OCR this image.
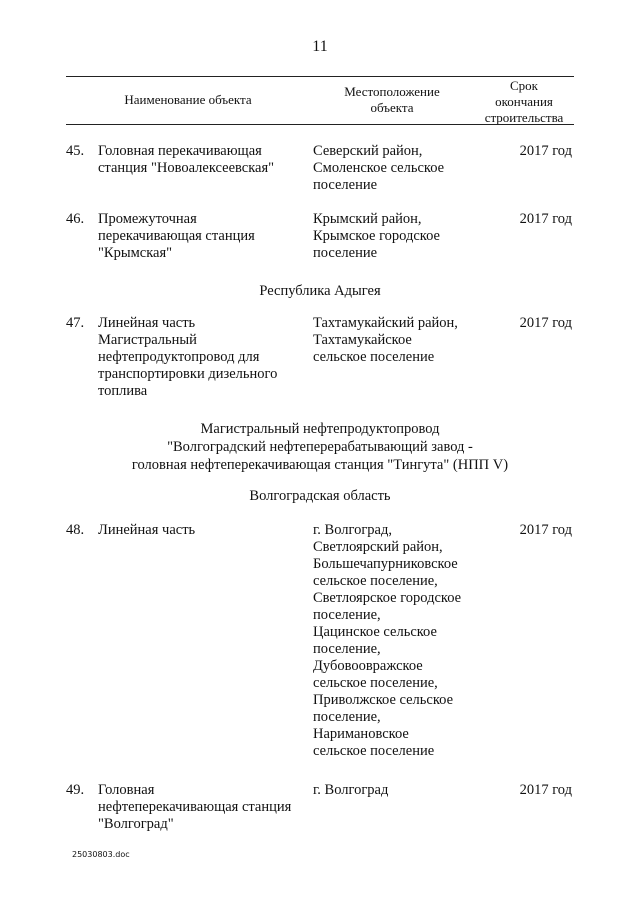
11
Наименование объекта
Местоположение
объекта
Срок
окончания
строительства
45. Головная перекачивающая
станция "Новоалексеевская"
Северский район,
Смоленское сельское
поселение
2017 год
46. Промежуточная
перекачивающая станция
"Крымская"
Крымский район,
Крымское городское
поселение
2017 год
Республика Адыгея
47. Линейная часть
Магистральный
нефтепродуктопровод для
транспортировки дизельного
топлива
Тахтамукайский район,
Тахтамукайское
сельское поселение
2017 год
Магистральный нефтепродуктопровод
"Волгоградский нефтеперерабатывающий завод -
головная нефтеперекачивающая станция "Тингута" (НПП V)
Волгоградская область
48. Линейная часть	г. Волгоград,
Светлоярский район,
Большечапурниковское
сельское поселение,
Светлоярское городское
поселение,
Цацинское сельское
поселение,
Дубовоовражское
сельское поселение,
Приволжское сельское
поселение,
Наримановское
сельское поселение
2017 год
49. Головная
нефтеперекачивающая станция
"Волгоград"
г. Волгоград	2017 год
25030803.doc
